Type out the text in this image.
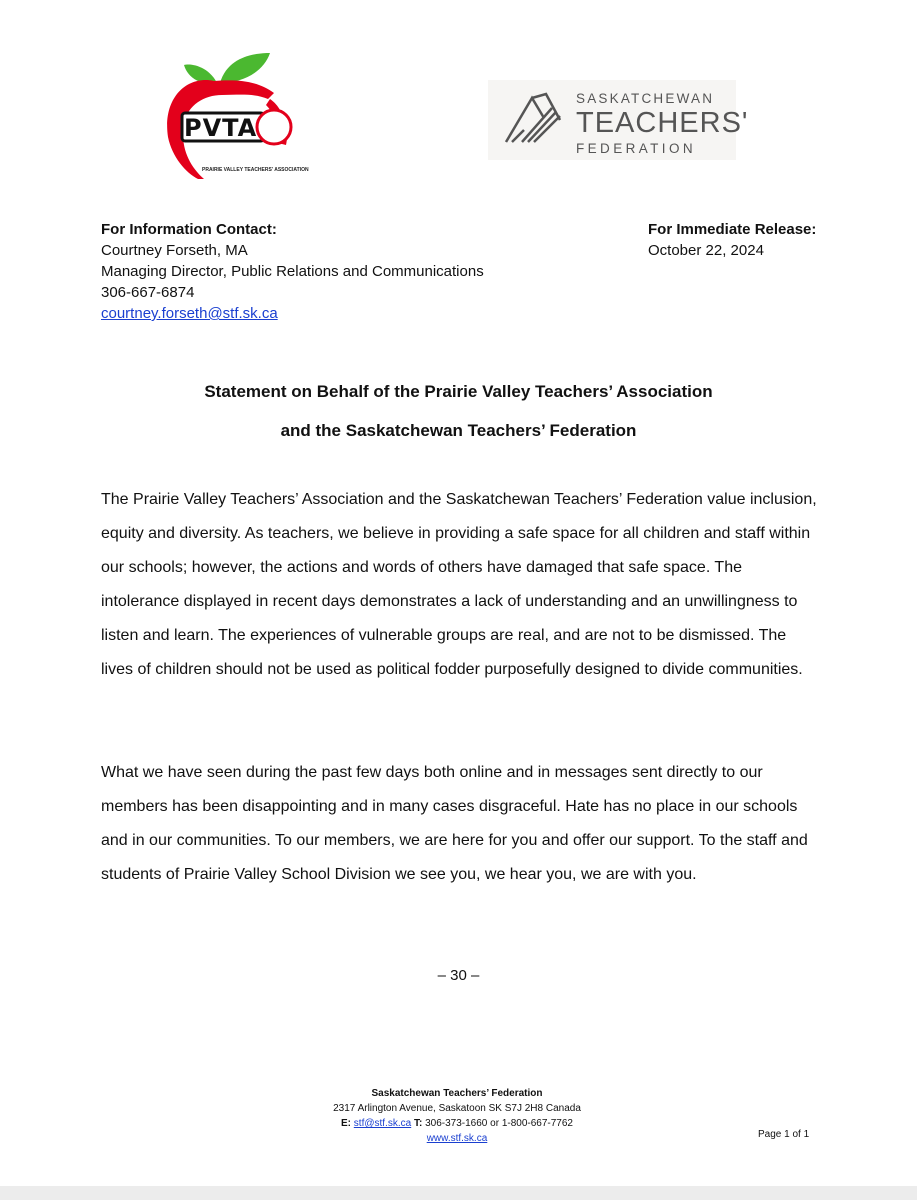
PVTA
PRAIRIE VALLEY TEACHERS' ASSOCIATION
SASKATCHEWAN
TEACHERS'
FEDERATION
For Information Contact:
Courtney Forseth, MA
Managing Director, Public Relations and Communications
306-667-6874
courtney.forseth@stf.sk.ca
For Immediate Release:
October 22, 2024
Statement on Behalf of the Prairie Valley Teachers’ Association
and the Saskatchewan Teachers’ Federation
The Prairie Valley Teachers’ Association and the Saskatchewan Teachers’ Federation value inclusion, equity and diversity. As teachers, we believe in providing a safe space for all children and staff within our schools; however, the actions and words of others have damaged that safe space. The intolerance displayed in recent days demonstrates a lack of understanding and an unwillingness to listen and learn. The experiences of vulnerable groups are real, and are not to be dismissed. The lives of children should not be used as political fodder purposefully designed to divide communities.
What we have seen during the past few days both online and in messages sent directly to our members has been disappointing and in many cases disgraceful. Hate has no place in our schools and in our communities. To our members, we are here for you and offer our support. To the staff and students of Prairie Valley School Division we see you, we hear you, we are with you.
– 30 –
Saskatchewan Teachers’ Federation
2317 Arlington Avenue, Saskatoon SK S7J 2H8 Canada
E: stf@stf.sk.ca T: 306-373-1660 or 1-800-667-7762
www.stf.sk.ca	Page 1 of 1
